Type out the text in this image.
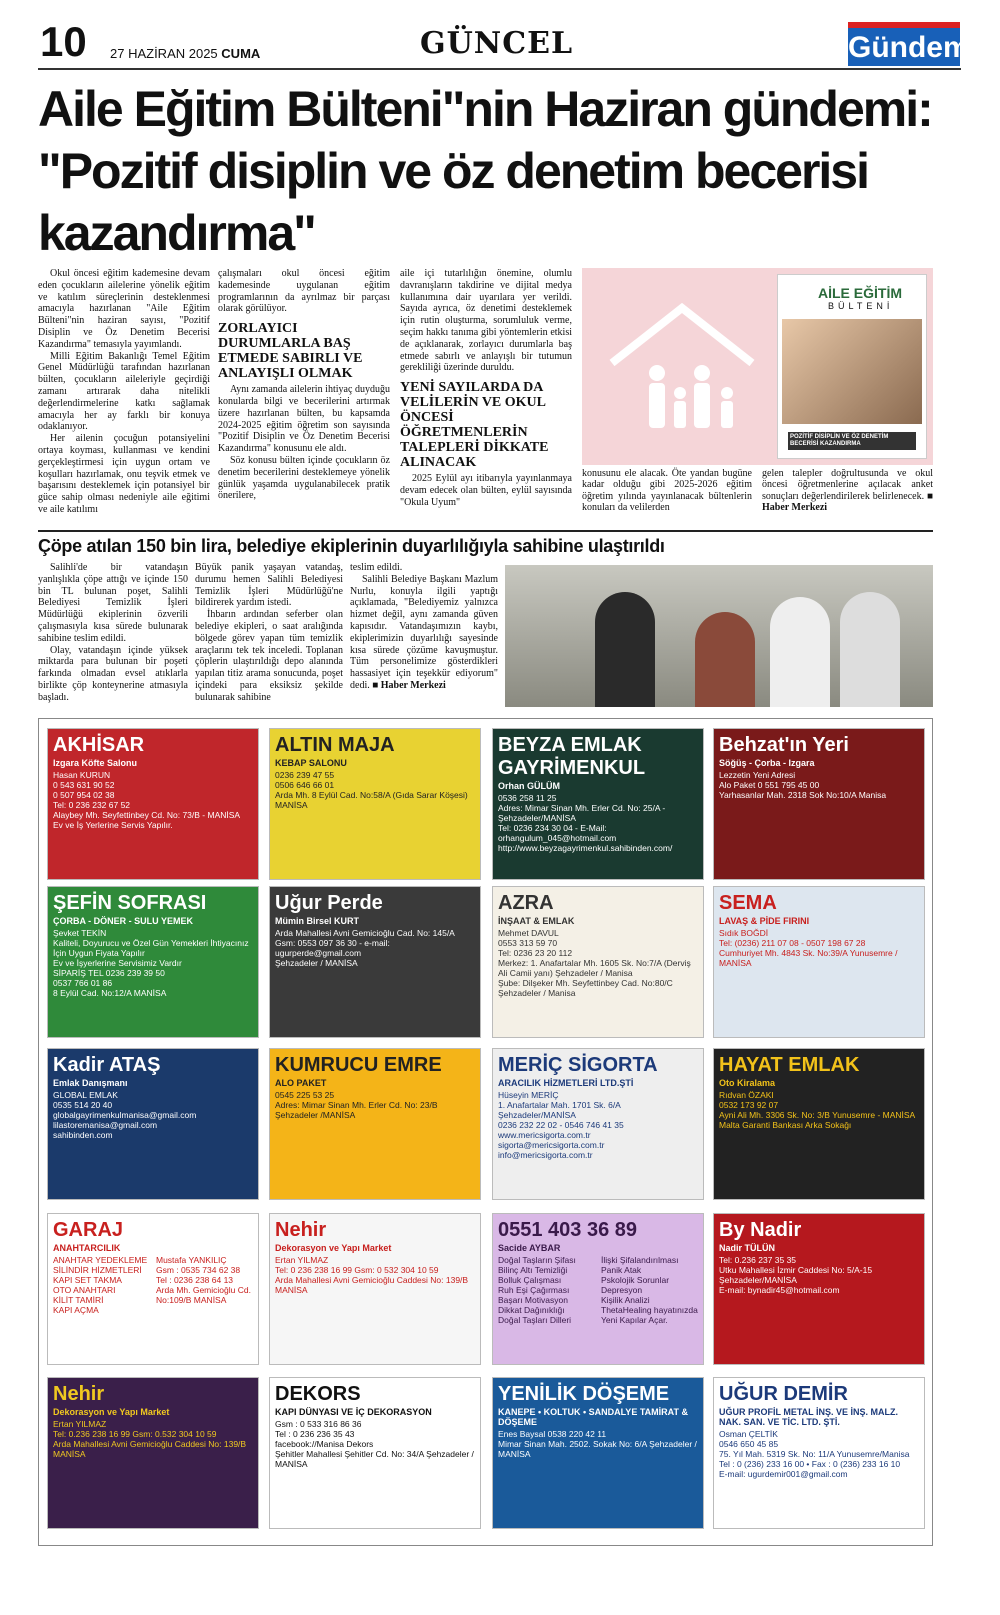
10 27 HAZİRAN 2025 CUMA	GÜNCEL	Gündem
Aile Eğitim Bülteni"nin Haziran gündemi: "Pozitif disiplin ve öz denetim becerisi kazandırma"

Okul öncesi eğitim kademesine devam eden çocukların ailelerine yönelik eğitim ve katılım süreçlerinin desteklenmesi amacıyla hazırlanan "Aile Eğitim Bülteni"nin haziran sayısı, "Pozitif Disiplin ve Öz Denetim Becerisi Kazandırma" temasıyla yayımlandı.

Milli Eğitim Bakanlığı Temel Eğitim Genel Müdürlüğü tarafından hazırlanan bülten, çocukların aileleriyle geçirdiği zamanı artırarak daha nitelikli değerlendirmelerine katkı sağlamak amacıyla her ay farklı bir konuya odaklanıyor.

Her ailenin çocuğun potansiyelini ortaya koyması, kullanması ve kendini gerçekleştirmesi için uygun ortam ve koşulları hazırlamak, onu teşvik etmek ve başarısını desteklemek için potansiyel bir güce sahip olması nedeniyle aile eğitimi ve aile katılımı

çalışmaları okul öncesi eğitim kademesinde uygulanan eğitim programlarının da ayrılmaz bir parçası olarak görülüyor.

ZORLAYICI DURUMLARLA BAŞ ETMEDE SABIRLI VE ANLAYIŞLI OLMAK

Aynı zamanda ailelerin ihtiyaç duyduğu konularda bilgi ve becerilerini artırmak üzere hazırlanan bülten, bu kapsamda 2024-2025 eğitim öğretim son sayısında "Pozitif Disiplin ve Öz Denetim Becerisi Kazandırma" konusunu ele aldı.

Söz konusu bülten içinde çocukların öz denetim becerilerini desteklemeye yönelik günlük yaşamda uygulanabilecek pratik önerilere,

aile içi tutarlılığın önemine, olumlu davranışların takdirine ve dijital medya kullanımına dair uyarılara yer verildi. Sayıda ayrıca, öz denetimi desteklemek için rutin oluşturma, sorumluluk verme, seçim hakkı tanıma gibi yöntemlerin etkisi de açıklanarak, zorlayıcı durumlarla baş etmede sabırlı ve anlayışlı bir tutumun gerekliliği üzerinde duruldu.

YENİ SAYILARDA DA VELİLERİN VE OKUL ÖNCESİ ÖĞRETMENLERİN TALEPLERİ DİKKATE ALINACAK

2025 Eylül ayı itibarıyla yayınlanmaya devam edecek olan bülten, eylül sayısında "Okula Uyum"

AİLE EĞİTİM
BÜLTENİ
POZİTİF DİSİPLİN VE ÖZ DENETİM BECERİSİ KAZANDIRMA

konusunu ele alacak. Öte yandan bugüne kadar olduğu gibi 2025-2026 eğitim öğretim yılında yayınlanacak bültenlerin konuları da velilerden

gelen talepler doğrultusunda ve okul öncesi öğretmenlerine açılacak anket sonuçları değerlendirilerek belirlenecek. ■ Haber Merkezi

Çöpe atılan 150 bin lira, belediye ekiplerinin duyarlılığıyla sahibine ulaştırıldı

Salihli'de bir vatandaşın yanlışlıkla çöpe attığı ve içinde 150 bin TL bulunan poşet, Salihli Belediyesi Temizlik İşleri Müdürlüğü ekiplerinin özverili çalışmasıyla kısa sürede bulunarak sahibine teslim edildi.

Olay, vatandaşın içinde yüksek miktarda para bulunan bir poşeti farkında olmadan evsel atıklarla birlikte çöp konteynerine atmasıyla başladı.

Büyük panik yaşayan vatandaş, durumu hemen Salihli Belediyesi Temizlik İşleri Müdürlüğü'ne bildirerek yardım istedi.

İhbarın ardından seferber olan belediye ekipleri, o saat aralığında bölgede görev yapan tüm temizlik araçlarını tek tek inceledi. Toplanan çöplerin ulaştırıldığı depo alanında yapılan titiz arama sonucunda, poşet içindeki para eksiksiz şekilde bulunarak sahibine

teslim edildi.

Salihli Belediye Başkanı Mazlum Nurlu, konuyla ilgili yaptığı açıklamada, "Belediyemiz yalnızca hizmet değil, aynı zamanda güven kapısıdır. Vatandaşımızın kaybı, ekiplerimizin duyarlılığı sayesinde kısa sürede çözüme kavuşmuştur. Tüm personelimize gösterdikleri hassasiyet için teşekkür ediyorum" dedi. ■ Haber Merkezi

AKHİSAR
Izgara Köfte Salonu
Hasan KURUN
0 543 631 90 52
0 507 954 02 38
Tel: 0 236 232 67 52
Alaybey Mh. Seyfettinbey Cd. No: 73/B - MANİSA
Ev ve İş Yerlerine Servis Yapılır.
ALTIN MAJA
KEBAP SALONU
0236 239 47 55
0506 646 66 01
Arda Mh. 8 Eylül Cad. No:58/A (Gıda Sarar Köşesi) MANİSA
BEYZA EMLAK GAYRİMENKUL
Orhan GÜLÜM
0536 258 11 25
Adres: Mimar Sinan Mh. Erler Cd. No: 25/A - Şehzadeler/MANİSA
Tel: 0236 234 30 04 - E-Mail: orhangulum_045@hotmail.com
http://www.beyzagayrimenkul.sahibinden.com/
Behzat'ın Yeri
Söğüş - Çorba - Izgara
Lezzetin Yeni Adresi
Alo Paket 0 551 795 45 00
Yarhasanlar Mah. 2318 Sok No:10/A Manisa
ŞEFİN SOFRASI
ÇORBA - DÖNER - SULU YEMEK
Şevket TEKİN
Kaliteli, Doyurucu ve Özel Gün Yemekleri İhtiyacınız İçin Uygun Fiyata Yapılır
Ev ve İşyerlerine Servisimiz Vardır
SİPARİŞ TEL 0236 239 39 50
0537 766 01 86
8 Eylül Cad. No:12/A MANİSA
Uğur Perde
Mümin Birsel KURT
Arda Mahallesi Avni Gemicioğlu Cad. No: 145/A
Gsm: 0553 097 36 30 - e-mail: ugurperde@gmail.com
Şehzadeler / MANİSA
AZRA
İNŞAAT & EMLAK
Mehmet DAVUL
0553 313 59 70
Tel: 0236 23 20 112
Merkez: 1. Anafartalar Mh. 1605 Sk. No:7/A (Derviş Ali Camii yanı) Şehzadeler / Manisa
Şube: Dilşeker Mh. Seyfettinbey Cad. No:80/C Şehzadeler / Manisa
SEMA
LAVAŞ & PİDE FIRINI
Sıdık BOĞDİ
Tel: (0236) 211 07 08 - 0507 198 67 28
Cumhuriyet Mh. 4843 Sk. No:39/A Yunusemre / MANİSA
Kadir ATAŞ
Emlak Danışmanı
GLOBAL EMLAK
0535 514 20 40
globalgayrimenkulmanisa@gmail.com
lilastoremanisa@gmail.com
sahibinden.com
KUMRUCU EMRE
ALO PAKET
0545 225 53 25
Adres: Mimar Sinan Mh. Erler Cd. No: 23/B Şehzadeler /MANİSA
MERİÇ SİGORTA
ARACILIK HİZMETLERİ LTD.ŞTİ
Hüseyin MERİÇ
1. Anafartalar Mah. 1701 Sk. 6/A Şehzadeler/MANİSA
0236 232 22 02 - 0546 746 41 35
www.mericsigorta.com.tr
sigorta@mericsigorta.com.tr
info@mericsigorta.com.tr
HAYAT EMLAK
Oto Kiralama
Rıdvan ÖZAKI
0532 173 92 07
Ayni Ali Mh. 3306 Sk. No: 3/B Yunusemre - MANİSA
Malta Garanti Bankası Arka Sokağı
GARAJ
ANAHTARCILIK
ANAHTAR YEDEKLEME
SİLİNDİR HİZMETLERİ
KAPI SET TAKMA
OTO ANAHTARI
KİLİT TAMİRİ
KAPI AÇMA
Mustafa YANKILIÇ
Gsm : 0535 734 62 38
Tel : 0236 238 64 13
Arda Mh. Gemicioğlu Cd. No:109/B MANİSA
Nehir
Dekorasyon ve Yapı Market
Ertan YILMAZ
Tel: 0 236 238 16 99 Gsm: 0 532 304 10 59
Arda Mahallesi Avni Gemicioğlu Caddesi No: 139/B MANİSA
0551 403 36 89
Sacide AYBAR
Doğal Taşların Şifası
Bilinç Altı Temizliği
Bolluk Çalışması
Ruh Eşi Çağırması
Başarı Motivasyon
Dikkat Dağınıklığı
Doğal Taşları Dilleri
İlişki Şifalandırılması
Panik Atak
Pskolojik Sorunlar
Depresyon
Kişilik Analizi
ThetaHealing hayatınızda Yeni Kapılar Açar.
By Nadir
Nadir TÜLÜN
Tel: 0.236 237 35 35
Utku Mahallesi İzmir Caddesi No: 5/A-15 Şehzadeler/MANİSA
E-mail: bynadir45@hotmail.com
Nehir
Dekorasyon ve Yapı Market
Ertan YILMAZ
Tel: 0.236 238 16 99 Gsm: 0.532 304 10 59
Arda Mahallesi Avni Gemicioğlu Caddesi No: 139/B MANİSA
DEKORS
KAPI DÜNYASI VE İÇ DEKORASYON
Gsm : 0 533 316 86 36
Tel : 0 236 236 35 43
facebook://Manisa Dekors
Şehitler Mahallesi Şehitler Cd. No: 34/A Şehzadeler / MANİSA
YENİLİK DÖŞEME
KANEPE • KOLTUK • SANDALYE TAMİRAT & DÖŞEME
Enes Baysal 0538 220 42 11
Mimar Sinan Mah. 2502. Sokak No: 6/A Şehzadeler / MANİSA
UĞUR DEMİR
UĞUR PROFİL METAL İNŞ. VE İNŞ. MALZ. NAK. SAN. VE TİC. LTD. ŞTİ.
Osman ÇELTİK
0546 650 45 85
75. Yıl Mah. 5319 Sk. No: 11/A Yunusemre/Manisa
Tel : 0 (236) 233 16 00 • Fax : 0 (236) 233 16 10
E-mail: ugurdemir001@gmail.com
